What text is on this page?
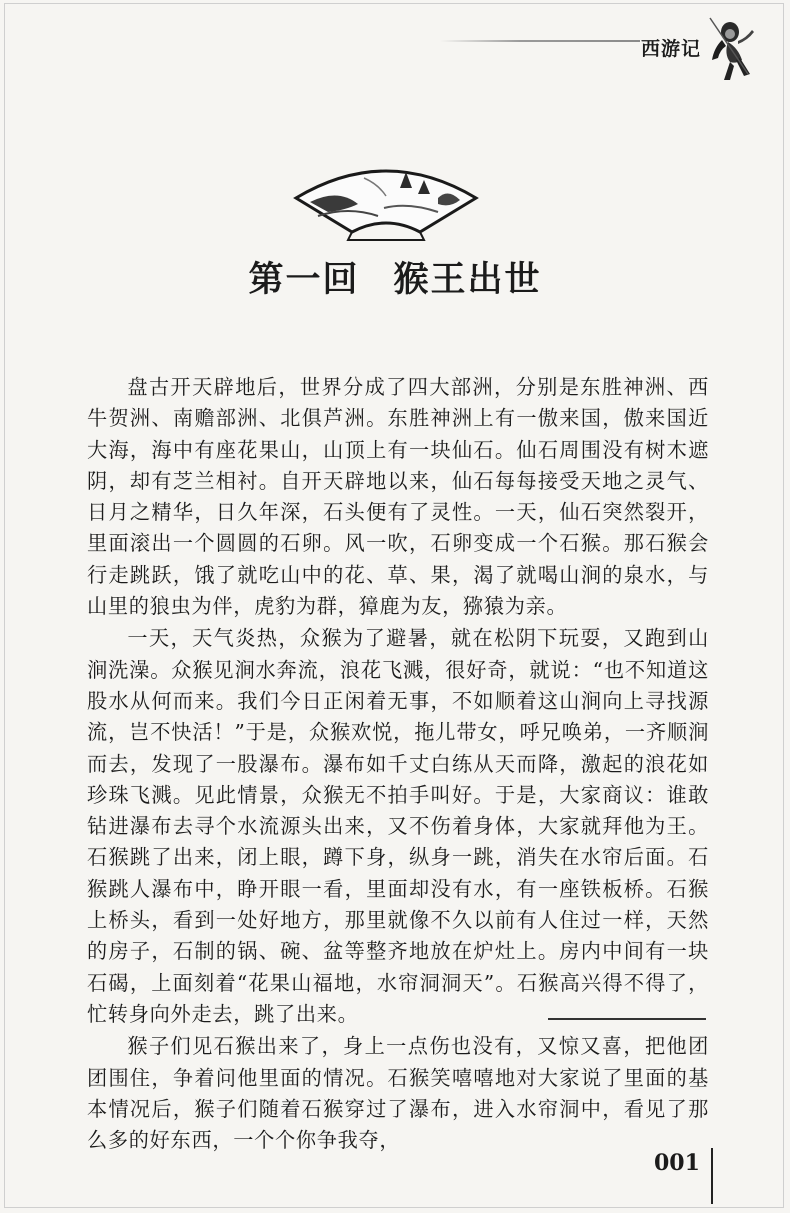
西游记
第一回 猴王出世

盘古开天辟地后，世界分成了四大部洲，分别是东胜神洲、西牛贺洲、南赡部洲、北俱芦洲。东胜神洲上有一傲来国，傲来国近大海，海中有座花果山，山顶上有一块仙石。仙石周围没有树木遮阴，却有芝兰相衬。自开天辟地以来，仙石每每接受天地之灵气、日月之精华，日久年深，石头便有了灵性。一天，仙石突然裂开，里面滚出一个圆圆的石卵。风一吹，石卵变成一个石猴。那石猴会行走跳跃，饿了就吃山中的花、草、果，渴了就喝山涧的泉水，与山里的狼虫为伴，虎豹为群，獐鹿为友，猕猿为亲。

一天，天气炎热，众猴为了避暑，就在松阴下玩耍，又跑到山涧洗澡。众猴见涧水奔流，浪花飞溅，很好奇，就说：“也不知道这股水从何而来。我们今日正闲着无事，不如顺着这山涧向上寻找源流，岂不快活！”于是，众猴欢悦，拖儿带女，呼兄唤弟，一齐顺涧而去，发现了一股瀑布。瀑布如千丈白练从天而降，激起的浪花如珍珠飞溅。见此情景，众猴无不拍手叫好。于是，大家商议：谁敢钻进瀑布去寻个水流源头出来，又不伤着身体，大家就拜他为王。石猴跳了出来，闭上眼，蹲下身，纵身一跳，消失在水帘后面。石猴跳人瀑布中，睁开眼一看，里面却没有水，有一座铁板桥。石猴上桥头，看到一处好地方，那里就像不久以前有人住过一样，天然的房子，石制的锅、碗、盆等整齐地放在炉灶上。房内中间有一块石碣，上面刻着“花果山福地，水帘洞洞天”。石猴高兴得不得了，忙转身向外走去，跳了出来。

猴子们见石猴出来了，身上一点伤也没有，又惊又喜，把他团团围住，争着问他里面的情况。石猴笑嘻嘻地对大家说了里面的基本情况后，猴子们随着石猴穿过了瀑布，进入水帘洞中，看见了那么多的好东西，一个个你争我夺，

001
